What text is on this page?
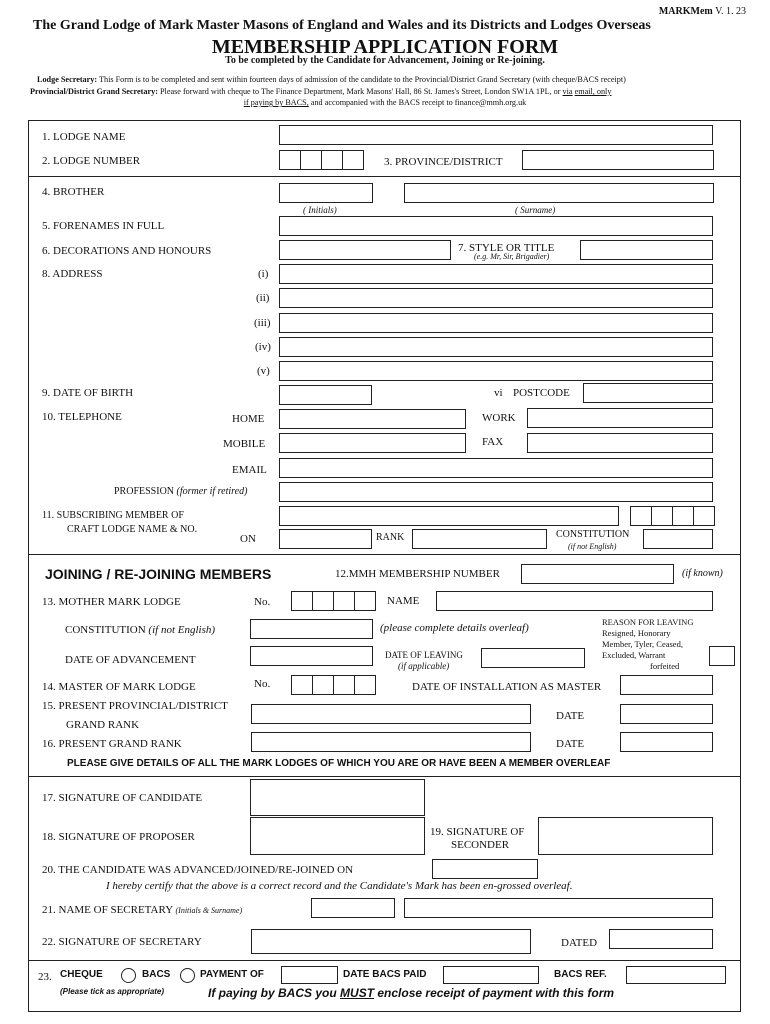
MARKMem V. 1. 23
The Grand Lodge of Mark Master Masons of England and Wales and its Districts and Lodges Overseas
MEMBERSHIP APPLICATION FORM
To be completed by the Candidate for Advancement, Joining or Re-joining.
Lodge Secretary: This Form is to be completed and sent within fourteen days of admission of the candidate to the Provincial/District Grand Secretary (with cheque/BACS receipt)
Provincial/District Grand Secretary: Please forward with cheque to The Finance Department, Mark Masons' Hall, 86 St. James's Street, London SW1A 1PL, or via email, only
if paying by BACS, and accompanied with the BACS receipt to finance@mmh.org.uk
1. LODGE NAME
2. LODGE NUMBER	3. PROVINCE/DISTRICT
4. BROTHER
( Initials)	( Surname)
5. FORENAMES IN FULL
6. DECORATIONS AND HONOURS	7. STYLE OR TITLE
(e.g. Mr, Sir, Brigadier)
8. ADDRESS	(i)
(ii)
(iii)
(iv)
(v)
9. DATE OF BIRTH	vi POSTCODE
10. TELEPHONE	HOME	WORK
MOBILE	FAX
EMAIL
PROFESSION (former if retired)
11. SUBSCRIBING MEMBER OF
CRAFT LODGE NAME & NO.
ON	RANK	CONSTITUTION
(if not English)
JOINING / RE-JOINING MEMBERS	12.MMH MEMBERSHIP NUMBER	(if known)
13. MOTHER MARK LODGE	No.	NAME
CONSTITUTION (if not English)	(please complete details overleaf)	REASON FOR LEAVING
Resigned, Honorary
Member, Tyler, Ceased,
Excluded, Warrant
forfeited
DATE OF ADVANCEMENT	DATE OF LEAVING
(if applicable)
14. MASTER OF MARK LODGE	No.	DATE OF INSTALLATION AS MASTER
15. PRESENT PROVINCIAL/DISTRICT
GRAND RANK
DATE
16. PRESENT GRAND RANK	DATE
PLEASE GIVE DETAILS OF ALL THE MARK LODGES OF WHICH YOU ARE OR HAVE BEEN A MEMBER OVERLEAF
17. SIGNATURE OF CANDIDATE
18. SIGNATURE OF PROPOSER	19. SIGNATURE OF
SECONDER
20. THE CANDIDATE WAS ADVANCED/JOINED/RE-JOINED ON
I hereby certify that the above is a correct record and the Candidate's Mark has been en-grossed overleaf.
21. NAME OF SECRETARY (Initials & Surname)
22. SIGNATURE OF SECRETARY	DATED
23. CHEQUE	BACS	PAYMENT OF	DATE BACS PAID	BACS REF.
(Please tick as appropriate)	If paying by BACS you MUST enclose receipt of payment with this form
